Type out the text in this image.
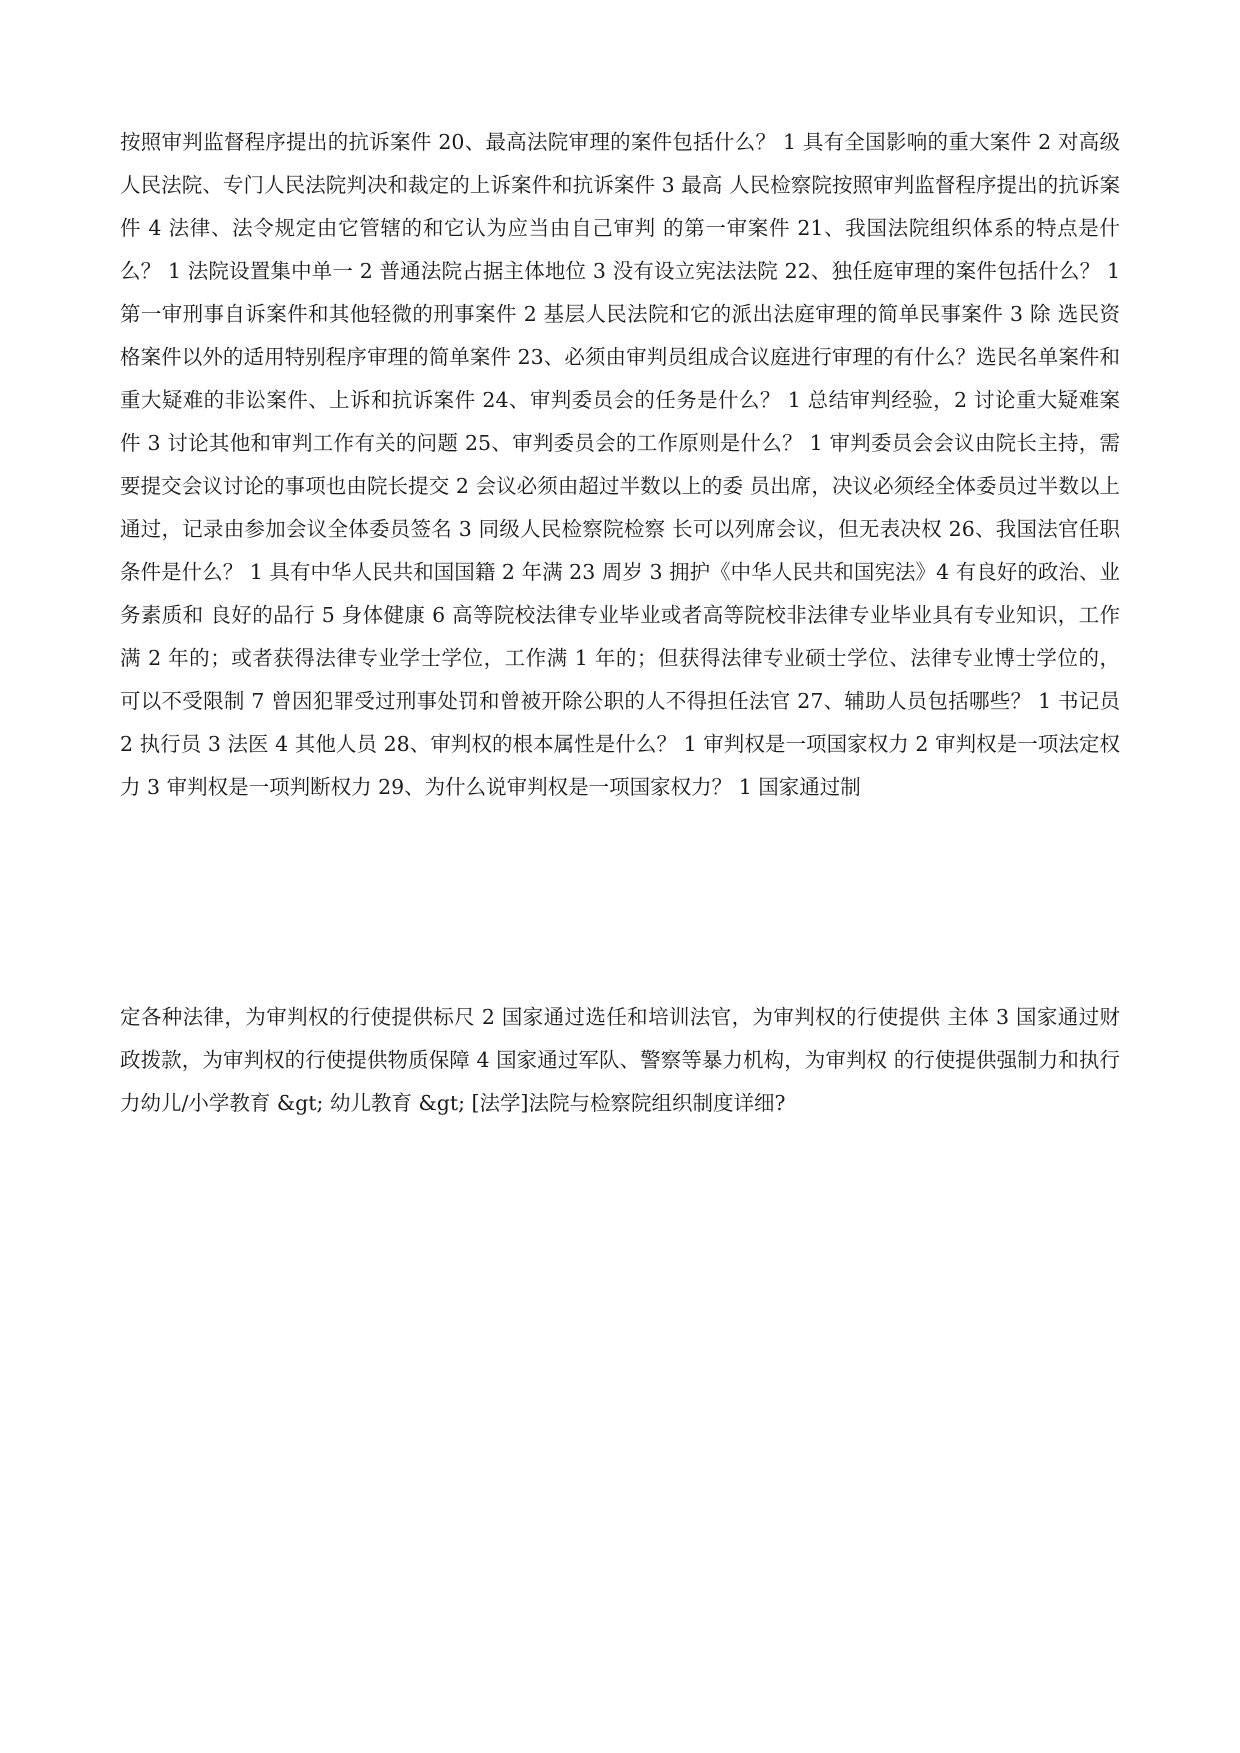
按照审判监督程序提出的抗诉案件 20、最高法院审理的案件包括什么？ 1 具有全国影响的重大案件 2 对高级人民法院、专门人民法院判决和裁定的上诉案件和抗诉案件 3 最高 人民检察院按照审判监督程序提出的抗诉案件 4 法律、法令规定由它管辖的和它认为应当由自己审判 的第一审案件 21、我国法院组织体系的特点是什么？ 1 法院设置集中单一 2 普通法院占据主体地位 3 没有设立宪法法院 22、独任庭审理的案件包括什么？ 1 第一审刑事自诉案件和其他轻微的刑事案件 2 基层人民法院和它的派出法庭审理的简单民事案件 3 除 选民资格案件以外的适用特别程序审理的简单案件 23、必须由审判员组成合议庭进行审理的有什么？选民名单案件和重大疑难的非讼案件、上诉和抗诉案件 24、审判委员会的任务是什么？ 1 总结审判经验，2 讨论重大疑难案件 3 讨论其他和审判工作有关的问题 25、审判委员会的工作原则是什么？ 1 审判委员会会议由院长主持，需要提交会议讨论的事项也由院长提交 2 会议必须由超过半数以上的委 员出席，决议必须经全体委员过半数以上通过，记录由参加会议全体委员签名 3 同级人民检察院检察 长可以列席会议，但无表决权 26、我国法官任职条件是什么？ 1 具有中华人民共和国国籍 2 年满 23 周岁 3 拥护《中华人民共和国宪法》4 有良好的政治、业务素质和 良好的品行 5 身体健康 6 高等院校法律专业毕业或者高等院校非法律专业毕业具有专业知识，工作满 2 年的；或者获得法律专业学士学位，工作满 1 年的；但获得法律专业硕士学位、法律专业博士学位的， 可以不受限制 7 曾因犯罪受过刑事处罚和曾被开除公职的人不得担任法官 27、辅助人员包括哪些？ 1 书记员 2 执行员 3 法医 4 其他人员 28、审判权的根本属性是什么？ 1 审判权是一项国家权力 2 审判权是一项法定权力 3 审判权是一项判断权力 29、为什么说审判权是一项国家权力？ 1 国家通过制

定各种法律，为审判权的行使提供标尺 2 国家通过选任和培训法官，为审判权的行使提供 主体 3 国家通过财政拨款，为审判权的行使提供物质保障 4 国家通过军队、警察等暴力机构，为审判权 的行使提供强制力和执行力幼儿/小学教育 &gt; 幼儿教育 &gt; [法学]法院与检察院组织制度详细?
